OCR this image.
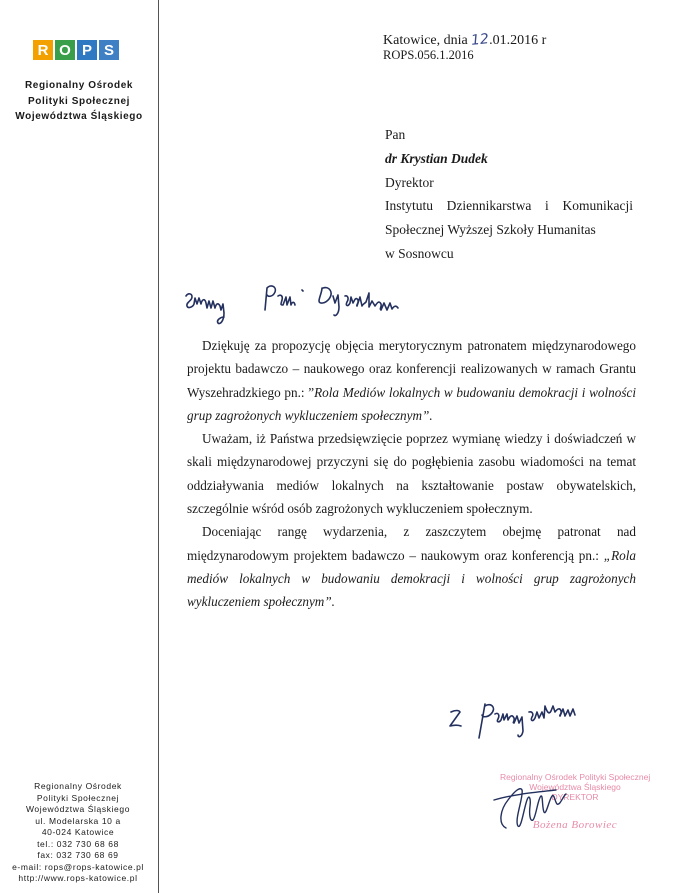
R O P S
Regionalny Ośrodek
Polityki Społecznej
Województwa Śląskiego
Regionalny Ośrodek
Polityki Społecznej
Województwa Śląskiego
ul. Modelarska 10 a
40-024 Katowice
tel.: 032 730 68 68
fax: 032 730 68 69
e-mail: rops@rops-katowice.pl
http://www.rops-katowice.pl
Katowice, dnia 12.01.2016 r
ROPS.056.1.2016
Pan
dr Krystian Dudek
Dyrektor
Instytutu Dziennikarstwa i Komunikacji
Społecznej Wyższej Szkoły Humanitas
w Sosnowcu

Dziękuję za propozycję objęcia merytorycznym patronatem międzynarodowego projektu badawczo – naukowego oraz konferencji realizowanych w ramach Grantu Wyszehradzkiego pn.: ”Rola Mediów lokalnych w budowaniu demokracji i wolności grup zagrożonych wykluczeniem społecznym”.

Uważam, iż Państwa przedsięwzięcie poprzez wymianę wiedzy i doświadczeń w skali międzynarodowej przyczyni się do pogłębienia zasobu wiadomości na temat oddziaływania mediów lokalnych na kształtowanie postaw obywatelskich, szczególnie wśród osób zagrożonych wykluczeniem społecznym.

Doceniając rangę wydarzenia, z zaszczytem obejmę patronat nad międzynarodowym projektem badawczo – naukowym oraz konferencją pn.: „Rola mediów lokalnych w budowaniu demokracji i wolności grup zagrożonych wykluczeniem społecznym”.

Regionalny Ośrodek Polityki Społecznej
Województwa Śląskiego
DYREKTOR
Bożena Borowiec
